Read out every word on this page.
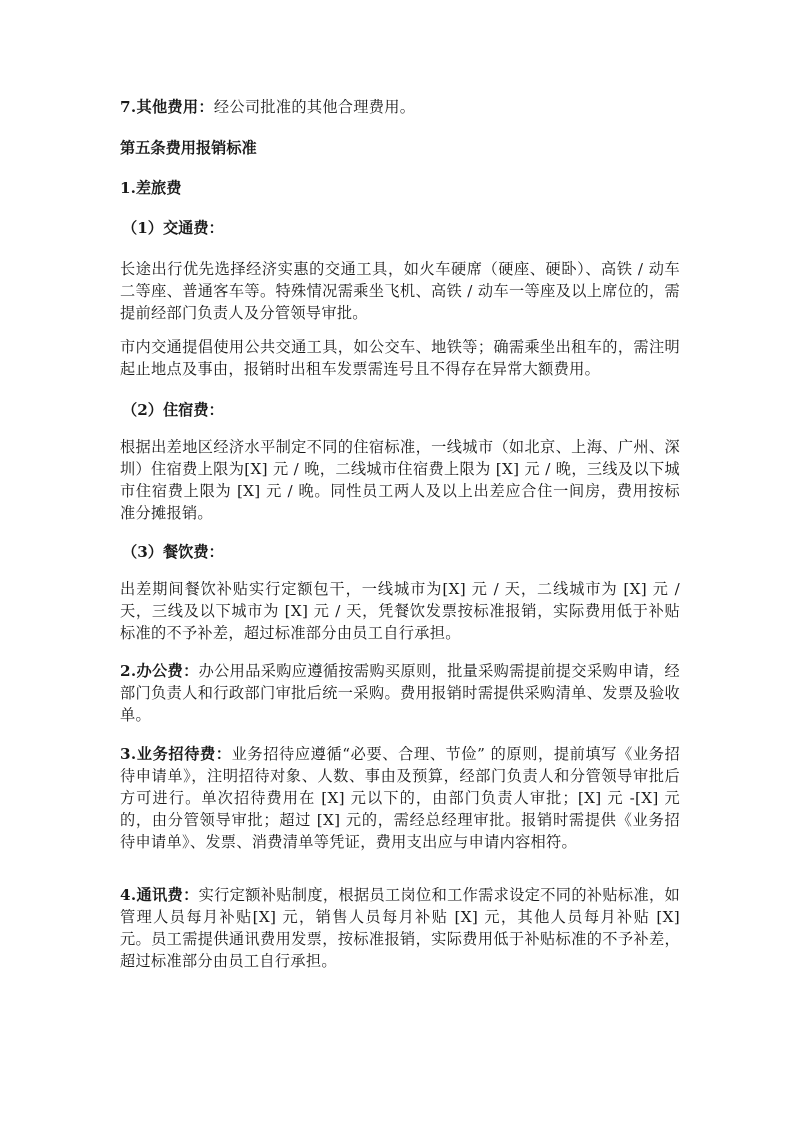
7.其他费用：经公司批准的其他合理费用。

第五条费用报销标准

1.差旅费

（1）交通费：

长途出行优先选择经济实惠的交通工具，如火车硬席（硬座、硬卧）、高铁 / 动车二等座、普通客车等。特殊情况需乘坐飞机、高铁 / 动车一等座及以上席位的，需提前经部门负责人及分管领导审批。

市内交通提倡使用公共交通工具，如公交车、地铁等；确需乘坐出租车的，需注明起止地点及事由，报销时出租车发票需连号且不得存在异常大额费用。

（2）住宿费：

根据出差地区经济水平制定不同的住宿标准，一线城市（如北京、上海、广州、深圳）住宿费上限为[X] 元 / 晚，二线城市住宿费上限为 [X] 元 / 晚，三线及以下城市住宿费上限为 [X] 元 / 晚。同性员工两人及以上出差应合住一间房，费用按标准分摊报销。

（3）餐饮费：

出差期间餐饮补贴实行定额包干，一线城市为[X] 元 / 天，二线城市为 [X] 元 / 天，三线及以下城市为 [X] 元 / 天，凭餐饮发票按标准报销，实际费用低于补贴标准的不予补差，超过标准部分由员工自行承担。

2.办公费：办公用品采购应遵循按需购买原则，批量采购需提前提交采购申请，经部门负责人和行政部门审批后统一采购。费用报销时需提供采购清单、发票及验收单。

3.业务招待费：业务招待应遵循“必要、合理、节俭” 的原则，提前填写《业务招待申请单》，注明招待对象、人数、事由及预算，经部门负责人和分管领导审批后方可进行。单次招待费用在 [X] 元以下的，由部门负责人审批；[X] 元 -[X] 元的，由分管领导审批；超过 [X] 元的，需经总经理审批。报销时需提供《业务招待申请单》、发票、消费清单等凭证，费用支出应与申请内容相符。

4.通讯费：实行定额补贴制度，根据员工岗位和工作需求设定不同的补贴标准，如管理人员每月补贴[X] 元，销售人员每月补贴 [X] 元，其他人员每月补贴 [X] 元。员工需提供通讯费用发票，按标准报销，实际费用低于补贴标准的不予补差，超过标准部分由员工自行承担。
